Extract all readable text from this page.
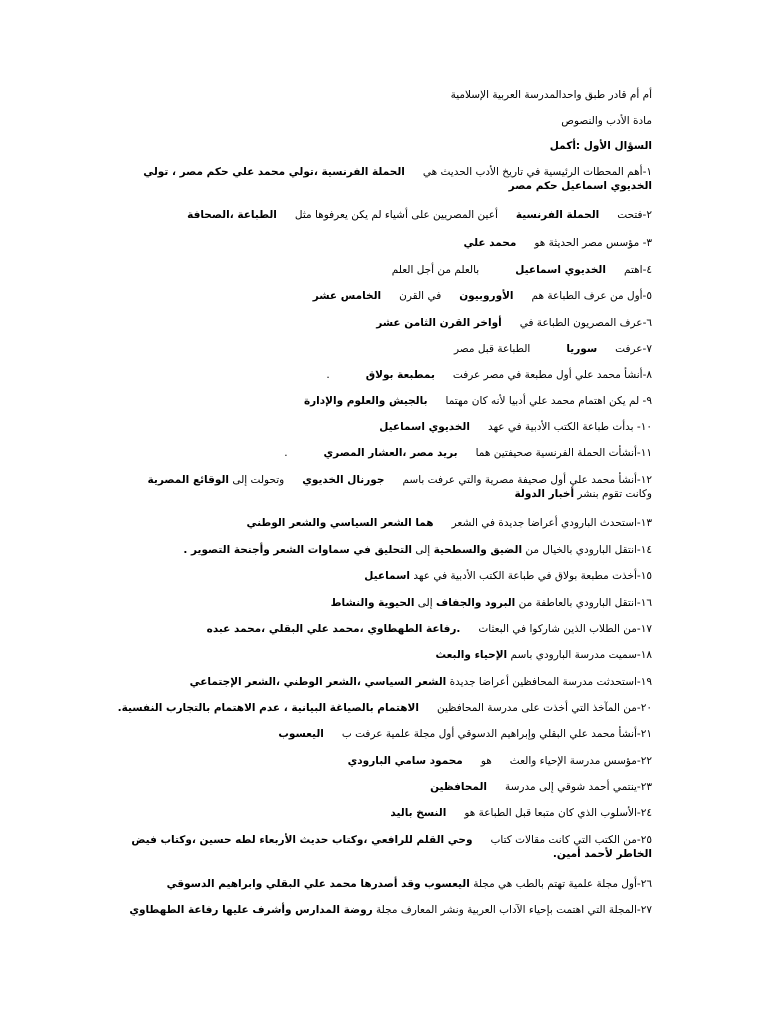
أم أم قادر طبق واحدالمدرسة العربية الإسلامية
مادة الأدب والنصوص
السؤال الأول :أكمل
١-أهم المحطات الرئيسية في تاريخ الأدب الحديث هيالحملة الفرنسية ،تولي محمد علي حكم مصر ، تولي الخديوي اسماعيل حكم مصر
٢-فتحتالحملة الفرنسيةأعين المصريين على أشياء لم يكن يعرفوها مثلالطباعة ،الصحافة
٣- مؤسس مصر الحديثة هومحمد علي
٤-اهتمالخديوي اسماعيلبالعلم من أجل العلم
٥-أول من عرف الطباعة همالأوروبيونفي القرنالخامس عشر
٦-عرف المصريون الطباعة فيأواخر القرن الثامن عشر
٧-عرفتسورياالطباعة قبل مصر
٨-أنشأ محمد علي أول مطبعة في مصر عرفتبمطبعة بولاق.
٩- لم يكن اهتمام محمد علي أدبيا لأنه كان مهتمابالجيش والعلوم والإدارة
١٠- بدأت طباعة الكتب الأدبية في عهدالخديوي اسماعيل
١١-أنشأت الحملة الفرنسية صحيفتين همابريد مصر ،العشار المصري.
١٢-أنشأ محمد علي أول صحيفة مصرية والتي عرفت باسمجورنال الخديويوتحولت إلى الوقائع المصرية
وكانت تقوم بنشر أخبار الدولة
١٣-استحدث البارودي أعراضا جديدة في الشعرهما الشعر السياسي والشعر الوطني
١٤-انتقل البارودي بالخيال من الضيق والسطحية إلى التحليق في سماوات الشعر وأجنحة التصوير .
١٥-أخذت مطبعة بولاق في طباعة الكتب الأدبية في عهد اسماعيل
١٦-انتقل البارودي بالعاطفة من البرود والجفاف إلى الحيوية والنشاط
١٧-من الطلاب الذين شاركوا في البعثات.رفاعة الطهطاوي ،محمد علي البقلي ،محمد عبده
١٨-سميت مدرسة البارودي باسم الإحياء والبعث
١٩-استحدثت مدرسة المحافظين أعراضا جديدة الشعر السياسي ،الشعر الوطني ،الشعر الإجتماعي
٢٠-من المآخذ التي أخذت على مدرسة المحافظينالاهتمام بالصياغة البيانية ، عدم الاهتمام بالتجارب النفسية.
٢١-أنشأ محمد علي البقلي وإبراهيم الدسوقي أول مجلة علمية عرفت باليعسوب
٢٢-مؤسس مدرسة الإحياء والعثهومحمود سامي البارودي
٢٣-ينتمي أحمد شوقي إلى مدرسةالمحافظين
٢٤-الأسلوب الذي كان متبعا قبل الطباعة هوالنسخ باليد
٢٥-من الكتب التي كانت مقالات كتابوحي القلم للرافعي ،وكتاب حديث الأربعاء لطه حسين ،وكتاب فيض الخاطر لأحمد أمين.
٢٦-أول مجلة علمية تهتم بالطب هي مجلة اليعسوب وقد أصدرها محمد علي البقلي وابراهيم الدسوقي
٢٧-المجلة التي اهتمت بإحياء الآداب العربية ونشر المعارف مجلة روضة المدارس وأشرف عليها رفاعة الطهطاوي
